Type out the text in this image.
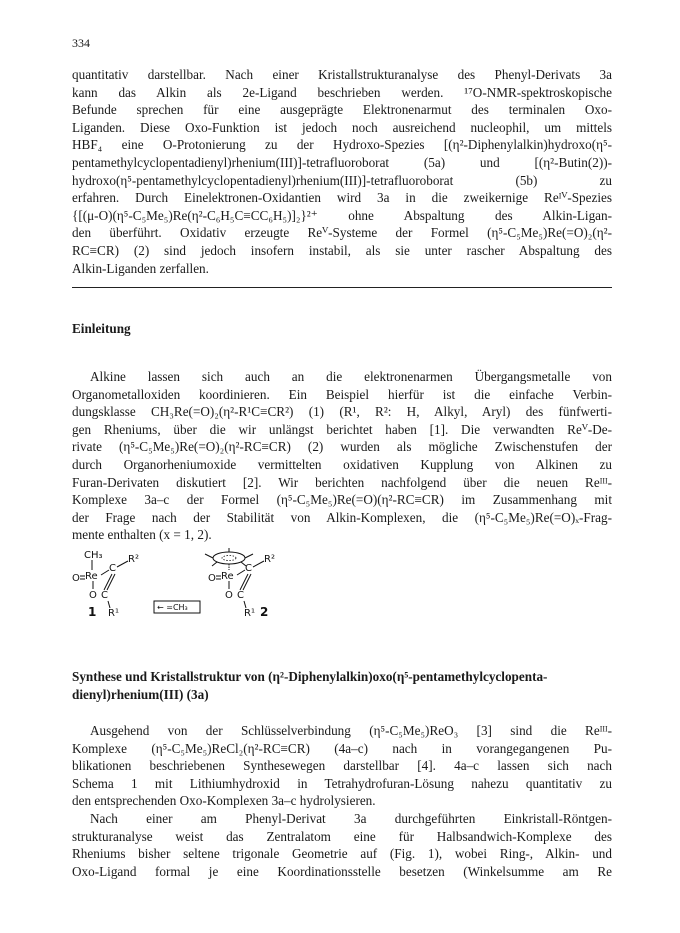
334
quantitativ darstellbar. Nach einer Kristallstrukturanalyse des Phenyl-Derivats 3a
kann das Alkin als 2e-Ligand beschrieben werden. ¹⁷O-NMR-spektroskopische
Befunde sprechen für eine ausgeprägte Elektronenarmut des terminalen Oxo-
Liganden. Diese Oxo-Funktion ist jedoch noch ausreichend nucleophil, um mittels
HBF₄ eine O-Protonierung zu der Hydroxo-Spezies [(η²-Diphenylalkin)hydroxo(η⁵-
pentamethylcyclopentadienyl)rhenium(III)]-tetrafluoroborat (5a) und [(η²-Butin(2))-
hydroxo(η⁵-pentamethylcyclopentadienyl)rhenium(III)]-tetrafluoroborat (5b) zu
erfahren. Durch Einelektronen-Oxidantien wird 3a in die zweikernige Reᴵⱽ-Spezies
{[(μ-O)(η⁵-C₅Me₅)Re(η²-C₆H₅C≡CC₆H₅)]₂}²⁺ ohne Abspaltung des Alkin-Ligan-
den überführt. Oxidativ erzeugte Reⱽ-Systeme der Formel (η⁵-C₅Me₅)Re(=O)₂(η²-
RC≡CR) (2) sind jedoch insofern instabil, als sie unter rascher Abspaltung des
Alkin-Liganden zerfallen.
Einleitung
Alkine lassen sich auch an die elektronenarmen Übergangsmetalle von
Organometalloxiden koordinieren. Ein Beispiel hierfür ist die einfache Verbin-
dungsklasse CH₃Re(=O)₂(η²-R¹C≡CR²) (1) (R¹, R²: H, Alkyl, Aryl) des fünfwerti-
gen Rheniums, über die wir unlängst berichtet haben [1]. Die verwandten Reⱽ-De-
rivate (η⁵-C₅Me₅)Re(=O)₂(η²-RC≡CR) (2) wurden als mögliche Zwischenstufen der
durch Organorheniumoxide vermittelten oxidativen Kupplung von Alkinen zu
Furan-Derivaten diskutiert [2]. Wir berichten nachfolgend über die neuen Reᴵᴵᴵ-
Komplexe 3a–c der Formel (η⁵-C₅Me₅)Re(=O)(η²-RC≡CR) im Zusammenhang mit
der Frage nach der Stabilität von Alkin-Komplexen, die (η⁵-C₅Me₅)Re(=O)ₓ-Frag-
mente enthalten (x = 1, 2).
CH₃
O Re
C
R²
O C
R¹
1	← =CH₃
O Re
C
R²
O C
R¹ 2
Synthese und Kristallstruktur von (η²-Diphenylalkin)oxo(η⁵-pentamethylcyclopenta-
dienyl)rhenium(III) (3a)
Ausgehend von der Schlüsselverbindung (η⁵-C₅Me₅)ReO₃ [3] sind die Reᴵᴵᴵ-
Komplexe (η⁵-C₅Me₅)ReCl₂(η²-RC≡CR) (4a–c) nach in vorangegangenen Pu-
blikationen beschriebenen Synthesewegen darstellbar [4]. 4a–c lassen sich nach
Schema 1 mit Lithiumhydroxid in Tetrahydrofuran-Lösung nahezu quantitativ zu
den entsprechenden Oxo-Komplexen 3a–c hydrolysieren.
Nach einer am Phenyl-Derivat 3a durchgeführten Einkristall-Röntgen-
strukturanalyse weist das Zentralatom eine für Halbsandwich-Komplexe des
Rheniums bisher seltene trigonale Geometrie auf (Fig. 1), wobei Ring-, Alkin- und
Oxo-Ligand formal je eine Koordinationsstelle besetzen (Winkelsumme am Re
